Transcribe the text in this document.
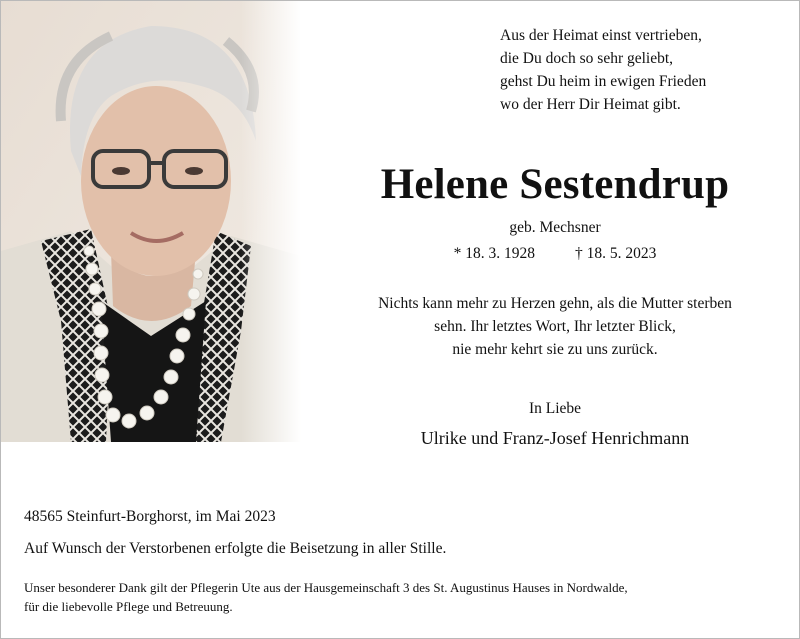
Aus der Heimat einst vertrieben,
die Du doch so sehr geliebt,
gehst Du heim in ewigen Frieden
wo der Herr Dir Heimat gibt.
Helene Sestendrup
geb. Mechsner
* 18. 3. 1928	† 18. 5. 2023
Nichts kann mehr zu Herzen gehn, als die Mutter sterben
sehn. Ihr letztes Wort, Ihr letzter Blick,
nie mehr kehrt sie zu uns zurück.
In Liebe
Ulrike und Franz-Josef Henrichmann
48565 Steinfurt-Borghorst, im Mai 2023
Auf Wunsch der Verstorbenen erfolgte die Beisetzung in aller Stille.
Unser besonderer Dank gilt der Pflegerin Ute aus der Hausgemeinschaft 3 des St. Augustinus Hauses in Nordwalde,
für die liebevolle Pflege und Betreuung.
